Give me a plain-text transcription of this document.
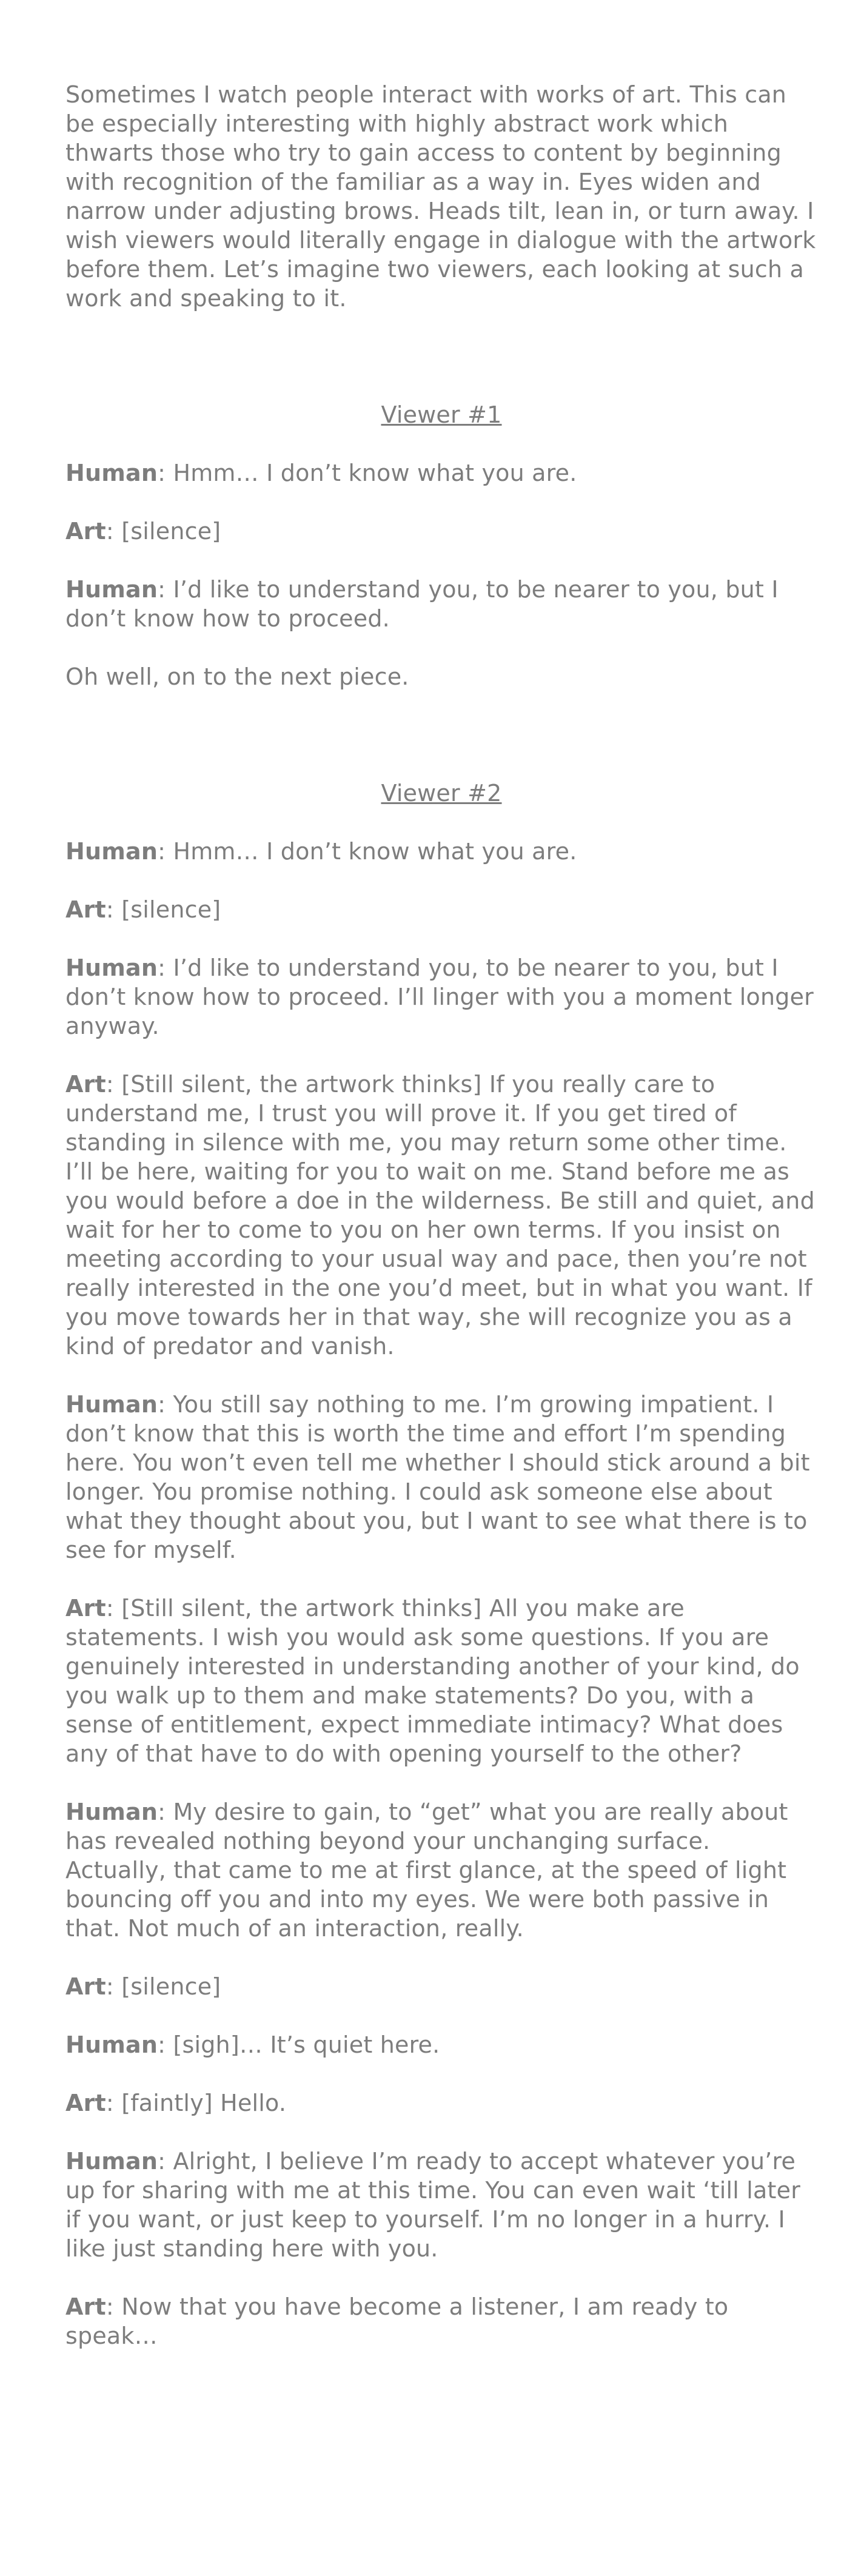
Sometimes I watch people interact with works of art. This can be especially interesting with highly abstract work which thwarts those who try to gain access to content by beginning with recognition of the familiar as a way in. Eyes widen and narrow under adjusting brows. Heads tilt, lean in, or turn away. I wish viewers would literally engage in dialogue with the artwork before them. Let’s imagine two viewers, each looking at such a work and speaking to it.

Viewer #1

Human: Hmm… I don’t know what you are.

Art: [silence]

Human: I’d like to understand you, to be nearer to you, but I don’t know how to proceed.

Oh well, on to the next piece.

Viewer #2

Human: Hmm… I don’t know what you are.

Art: [silence]

Human: I’d like to understand you, to be nearer to you, but I don’t know how to proceed. I’ll linger with you a moment longer anyway.

Art: [Still silent, the artwork thinks] If you really care to understand me, I trust you will prove it. If you get tired of standing in silence with me, you may return some other time. I’ll be here, waiting for you to wait on me. Stand before me as you would before a doe in the wilderness. Be still and quiet, and wait for her to come to you on her own terms. If you insist on meeting according to your usual way and pace, then you’re not really interested in the one you’d meet, but in what you want. If you move towards her in that way, she will recognize you as a kind of predator and vanish.

Human: You still say nothing to me. I’m growing impatient. I don’t know that this is worth the time and effort I’m spending here. You won’t even tell me whether I should stick around a bit longer. You promise nothing. I could ask someone else about what they thought about you, but I want to see what there is to see for myself.

Art: [Still silent, the artwork thinks] All you make are statements. I wish you would ask some questions. If you are genuinely interested in understanding another of your kind, do you walk up to them and make statements? Do you, with a sense of entitlement, expect immediate intimacy? What does any of that have to do with opening yourself to the other?

Human: My desire to gain, to “get” what you are really about has revealed nothing beyond your unchanging surface. Actually, that came to me at first glance, at the speed of light bouncing off you and into my eyes. We were both passive in that. Not much of an interaction, really.

Art: [silence]

Human: [sigh]… It’s quiet here.

Art: [faintly] Hello.

Human: Alright, I believe I’m ready to accept whatever you’re up for sharing with me at this time. You can even wait ‘till later if you want, or just keep to yourself. I’m no longer in a hurry. I like just standing here with you.

Art: Now that you have become a listener, I am ready to speak…
